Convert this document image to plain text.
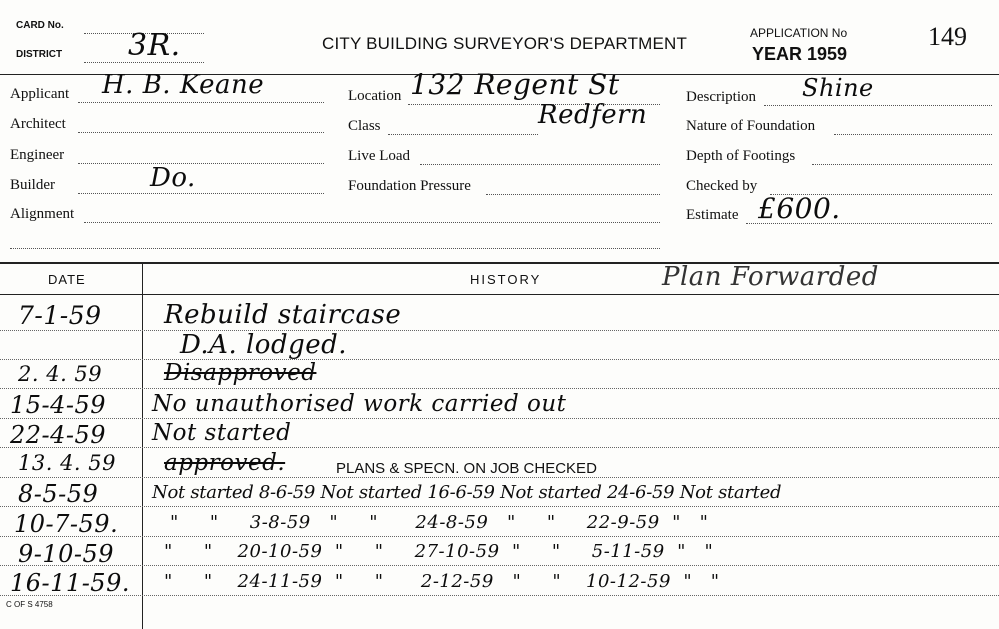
CARD No.
DISTRICT 3R.	CITY BUILDING SURVEYOR'S DEPARTMENT
APPLICATION No
YEAR 1959
149
Applicant H. B. Keane
Architect
Engineer
Builder	Do.
Alignment
Location 132 Regent St
Redfern
Class
Live Load
Foundation Pressure
Description Shine
Nature of Foundation
Depth of Footings
Checked by
Estimate £600.
DATE	HISTORY	Plan Forwarded
7-1-59 Rebuild staircase
D.A. lodged.
2. 4. 59	Disapproved
15-4-59 No unauthorised work carried out
22-4-59 Not started
13. 4. 59 approved.	PLANS & SPECN. ON JOB CHECKED
8-5-59	Not started 8-6-59 Not started 16-6-59 Not started 24-6-59 Not started
10-7-59.	"     "     3-8-59   "     "      24-8-59   "     "     22-9-59  "   "
9-10-59	"     "    20-10-59  "     "     27-10-59  "     "     5-11-59  "   "
16-11-59. "     "    24-11-59  "     "      2-12-59   "     "    10-12-59  "   "
C OF S 4758
